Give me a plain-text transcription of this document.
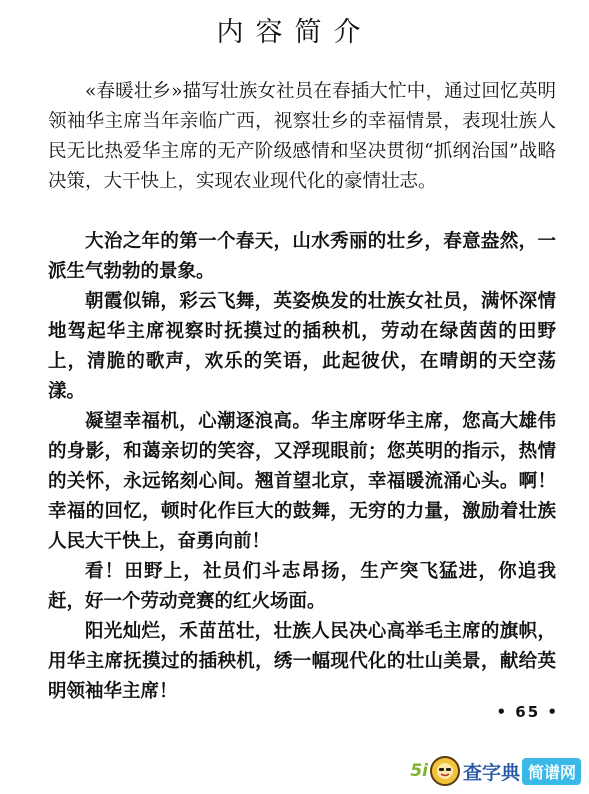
内容简介

«春暖壮乡»描写壮族女社员在春插大忙中，通过回忆英明领袖华主席当年亲临广西，视察壮乡的幸福情景，表现壮族人民无比热爱华主席的无产阶级感情和坚决贯彻“抓纲治国”战略决策，大干快上，实现农业现代化的豪情壮志。

大治之年的第一个春天，山水秀丽的壮乡，春意盎然，一派生气勃勃的景象。

朝霞似锦，彩云飞舞，英姿焕发的壮族女社员，满怀深情地驾起华主席视察时抚摸过的插秧机，劳动在绿茵茵的田野上，清脆的歌声，欢乐的笑语，此起彼伏，在晴朗的天空荡漾。

凝望幸福机，心潮逐浪高。华主席呀华主席，您高大雄伟的身影，和蔼亲切的笑容，又浮现眼前；您英明的指示，热情的关怀，永远铭刻心间。翘首望北京，幸福暖流涌心头。啊！幸福的回忆，顿时化作巨大的鼓舞，无穷的力量，激励着壮族人民大干快上，奋勇向前！

看！田野上，社员们斗志昂扬，生产突飞猛进，你追我赶，好一个劳动竞赛的红火场面。

阳光灿烂，禾苗茁壮，壮族人民决心高举毛主席的旗帜，用华主席抚摸过的插秧机，绣一幅现代化的壮山美景，献给英明领袖华主席！

• 65 •
5i 查字典 简谱网
